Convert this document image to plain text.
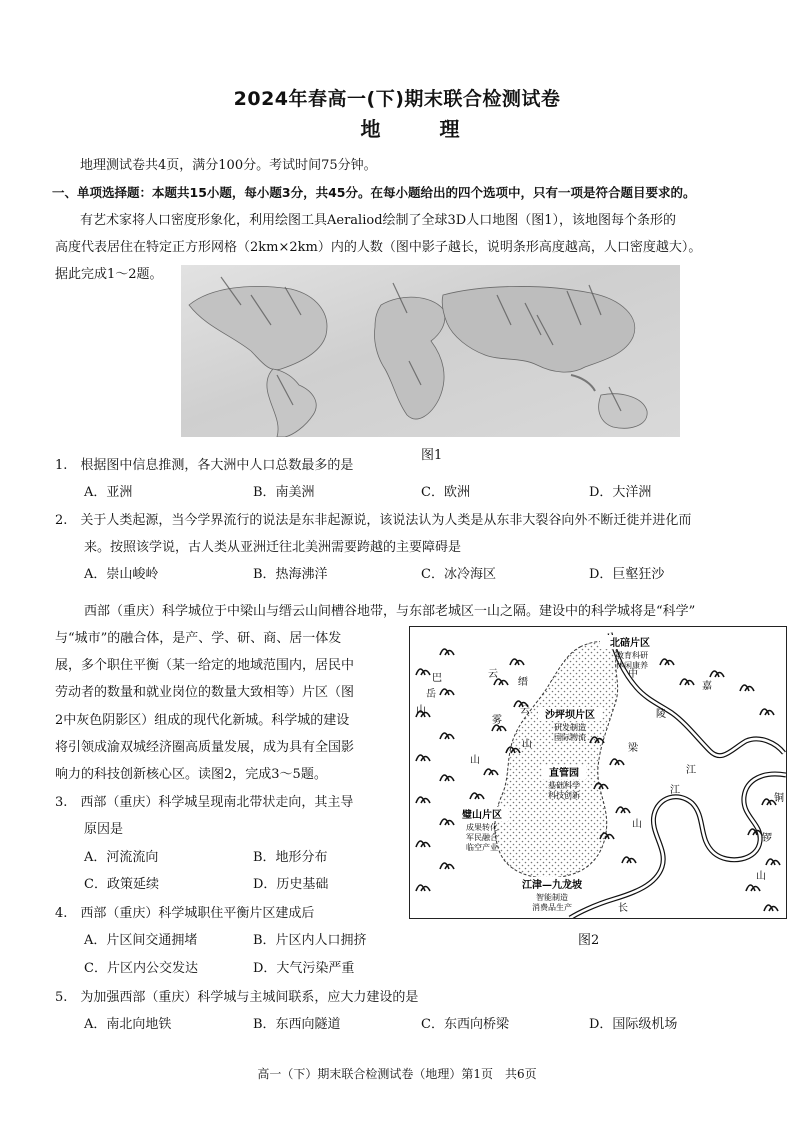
2024年春高一(下)期末联合检测试卷
地 理
地理测试卷共4页，满分100分。考试时间75分钟。
一、单项选择题：本题共15小题，每小题3分，共45分。在每小题给出的四个选项中，只有一项是符合题目要求的。
有艺术家将人口密度形象化，利用绘图工具Aeraliod绘制了全球3D人口地图（图1），该地图每个条形的
高度代表居住在特定正方形网格（2km×2km）内的人数（图中影子越长，说明条形高度越高，人口密度越大）。
据此完成1～2题。
图1
1.　根据图中信息推测，各大洲中人口总数最多的是
A．亚洲	B．南美洲	C．欧洲	D．大洋洲
2.　关于人类起源，当今学界流行的说法是东非起源说，该说法认为人类是从东非大裂谷向外不断迁徙并进化而
来。按照该学说，古人类从亚洲迁往北美洲需要跨越的主要障碍是
A．崇山峻岭	B．热海沸洋	C．冰冷海区	D．巨壑狂沙
西部（重庆）科学城位于中梁山与缙云山间槽谷地带，与东部老城区一山之隔。建设中的科学城将是“科学”
与“城市”的融合体，是产、学、研、商、居一体发
展，多个职住平衡（某一给定的地域范围内，居民中
劳动者的数量和就业岗位的数量大致相等）片区（图
2中灰色阴影区）组成的现代化新城。科学城的建设
将引领成渝双城经济圈高质量发展，成为具有全国影
响力的科技创新核心区。读图2，完成3～5题。
北碚片区
教育科研
休闲康养
沙坪坝片区
研发制造
国际物流
直管园
基础科学
科技创新
璧山片区
成果转化
军民融合
临空产业
江津—九龙坡
智能制造
消费品生产
巴
岳
山
云
雾
山
缙
云
山
中
梁
山
嘉
陵
江
长
江
铜
锣
山
图2
3.　西部（重庆）科学城呈现南北带状走向，其主导
原因是
A．河流流向	B．地形分布
C．政策延续	D．历史基础
4.　西部（重庆）科学城职住平衡片区建成后
A．片区间交通拥堵	B．片区内人口拥挤
C．片区内公交发达	D．大气污染严重
5.　为加强西部（重庆）科学城与主城间联系，应大力建设的是
A．南北向地铁	B．东西向隧道	C．东西向桥梁	D．国际级机场
高一（下）期末联合检测试卷（地理）第1页　共6页
